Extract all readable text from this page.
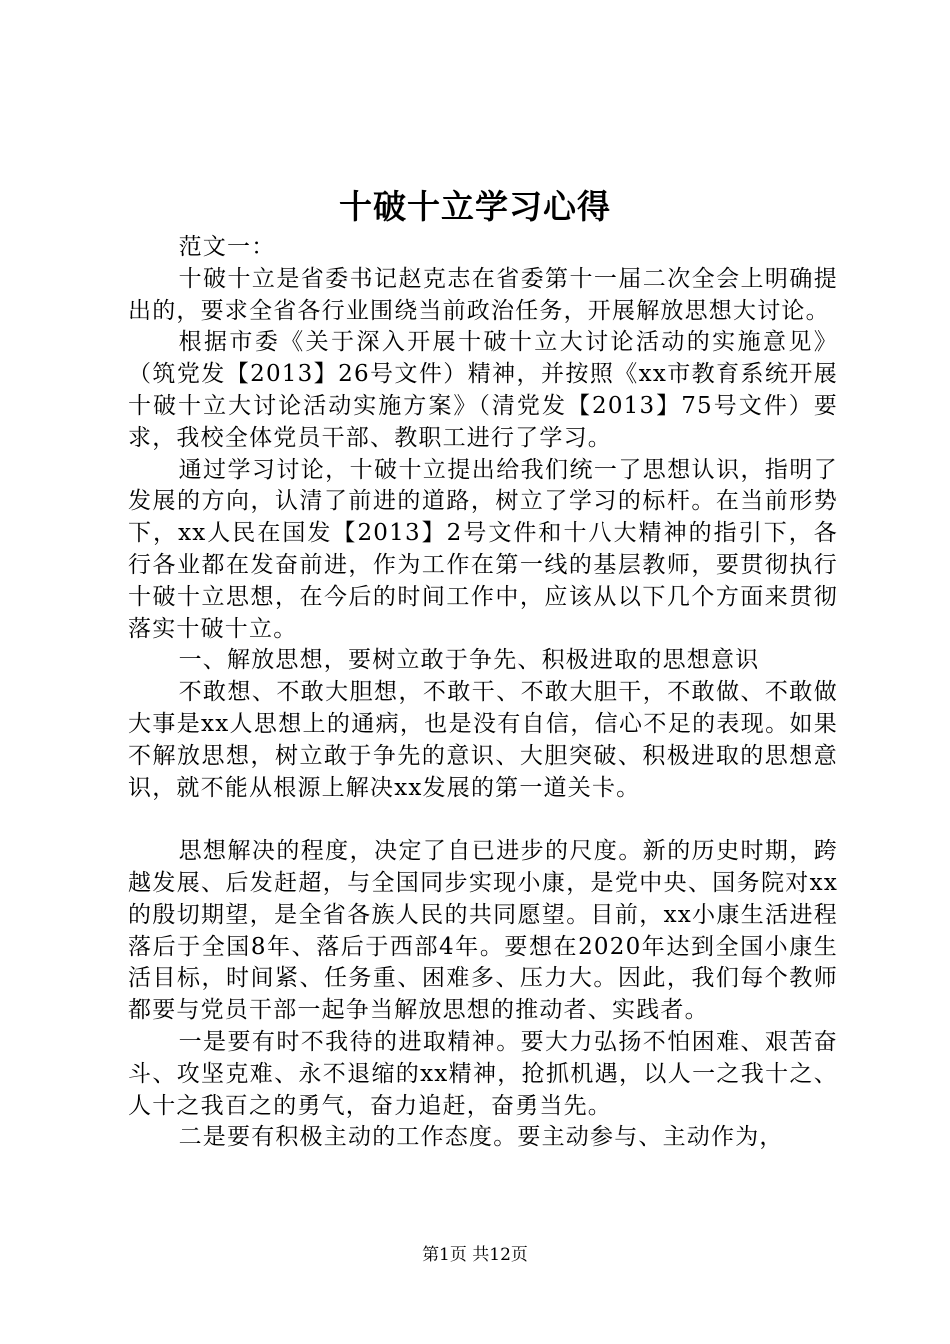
十破十立学习心得

范文一：

十破十立是省委书记赵克志在省委第十一届二次全会上明确提出的，要求全省各行业围绕当前政治任务，开展解放思想大讨论。

根据市委《关于深入开展十破十立大讨论活动的实施意见》（筑党发【2013】26号文件）精神，并按照《xx市教育系统开展十破十立大讨论活动实施方案》（清党发【2013】75号文件）要求，我校全体党员干部、教职工进行了学习。

通过学习讨论，十破十立提出给我们统一了思想认识，指明了发展的方向，认清了前进的道路，树立了学习的标杆。在当前形势下，xx人民在国发【2013】2号文件和十八大精神的指引下，各行各业都在发奋前进，作为工作在第一线的基层教师，要贯彻执行十破十立思想，在今后的时间工作中，应该从以下几个方面来贯彻落实十破十立。

一、解放思想，要树立敢于争先、积极进取的思想意识

不敢想、不敢大胆想，不敢干、不敢大胆干，不敢做、不敢做大事是xx人思想上的通病，也是没有自信，信心不足的表现。如果不解放思想，树立敢于争先的意识、大胆突破、积极进取的思想意识，就不能从根源上解决xx发展的第一道关卡。

思想解决的程度，决定了自已进步的尺度。新的历史时期，跨越发展、后发赶超，与全国同步实现小康，是党中央、国务院对xx的殷切期望，是全省各族人民的共同愿望。目前，xx小康生活进程落后于全国8年、落后于西部4年。要想在2020年达到全国小康生活目标，时间紧、任务重、困难多、压力大。因此，我们每个教师都要与党员干部一起争当解放思想的推动者、实践者。

一是要有时不我待的进取精神。要大力弘扬不怕困难、艰苦奋斗、攻坚克难、永不退缩的xx精神，抢抓机遇，以人一之我十之、人十之我百之的勇气，奋力追赶，奋勇当先。

二是要有积极主动的工作态度。要主动参与、主动作为，

第1页 共12页
